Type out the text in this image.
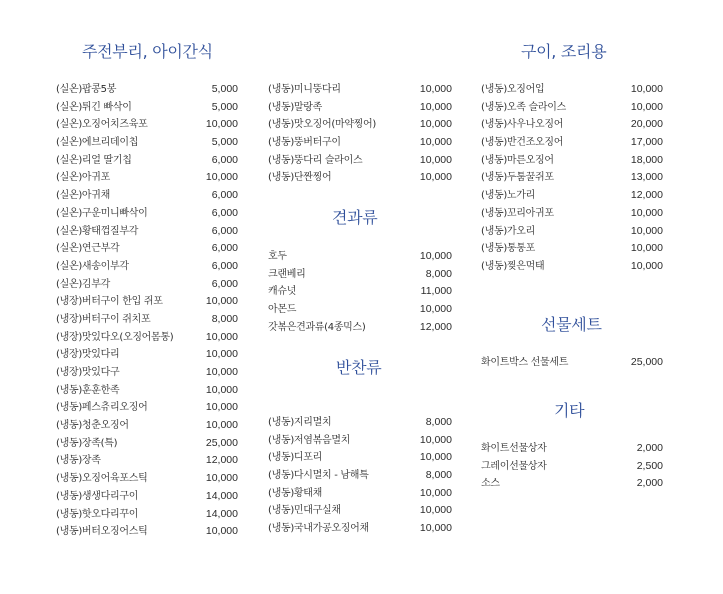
주전부리, 아이간식
(실온)팝콩5봉	5,000
(실온)튀긴 빠삭이	5,000
(실온)오징어치즈육포	10,000
(실온)에브리데이칩	5,000
(실온)리얼 딸기칩	6,000
(실온)아귀포	10,000
(실온)아귀채	6,000
(실온)구운미니빠삭이	6,000
(실온)황태껍질부각	6,000
(실온)연근부각	6,000
(실온)새송이부각	6,000
(실온)김부각	6,000
(냉장)버터구이 한입 쥐포	10,000
(냉장)버터구이 쥐치포	8,000
(냉장)맛있다오(오징어몸통)	10,000
(냉장)맛있다리	10,000
(냉장)맛있다구	10,000
(냉동)훈훈한족	10,000
(냉동)페스츄리오징어	10,000
(냉동)청춘오징어	10,000
(냉동)장족(특)	25,000
(냉동)장족	12,000
(냉동)오징어육포스틱	10,000
(냉동)생생다리구이	14,000
(냉동)핫오다리꾸이	14,000
(냉동)버터오징어스틱	10,000
(냉동)미니뚱다리	10,000
(냉동)말랑족	10,000
(냉동)맛오징어(마약찡어)	10,000
(냉동)뚱버터구이	10,000
(냉동)뚱다리 슬라이스	10,000
(냉동)단짠찡어	10,000
견과류
호두	10,000
크랜베리	8,000
캐슈넛	11,000
아몬드	10,000
갓볶은견과류(4종믹스)	12,000
반찬류
(냉동)지리멸치	8,000
(냉동)저염볶음멸치	10,000
(냉동)디포리	10,000
(냉동)다시멸치 - 남해특	8,000
(냉동)황태채	10,000
(냉동)민대구실채	10,000
(냉동)국내가공오징어채	10,000
구이, 조리용
(냉동)오징어입	10,000
(냉동)오족 슬라이스	10,000
(냉동)사우나오징어	20,000
(냉동)반건조오징어	17,000
(냉동)마른오징어	18,000
(냉동)두툼꿀쥐포	13,000
(냉동)노가리	12,000
(냉동)꼬리아귀포	10,000
(냉동)가오리	10,000
(냉동)통통포	10,000
(냉동)찢은먹태	10,000
선물세트
화이트박스 선물세트	25,000
기타
화이트선물상자	2,000
그레이선물상자	2,500
소스	2,000
